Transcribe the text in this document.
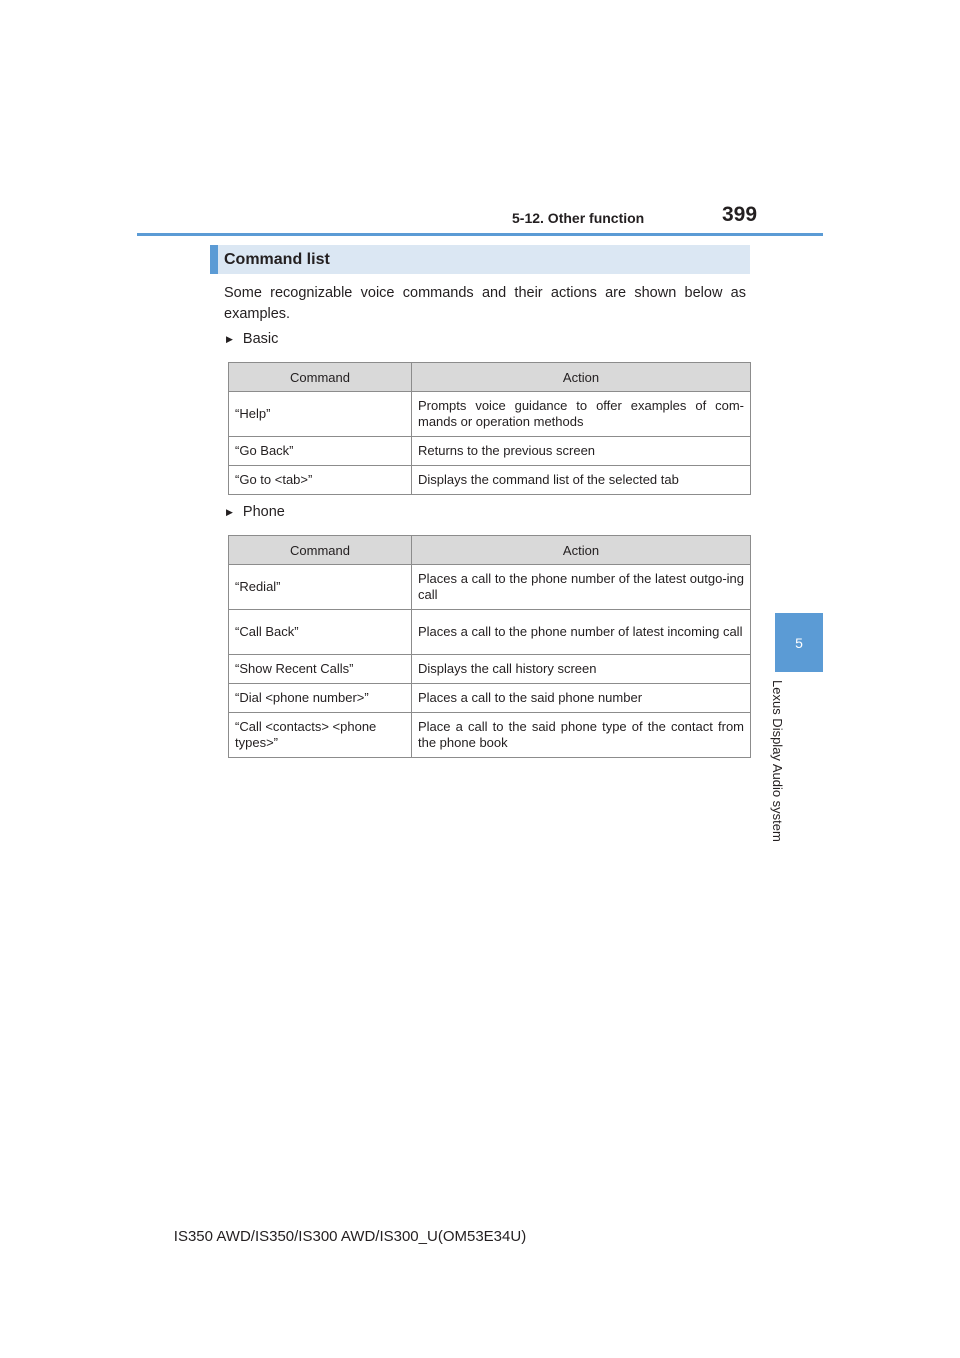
5-12. Other function	399
5
Lexus Display Audio system
Command list
Some recognizable voice commands and their actions are shown below as examples.
▶ Basic
Command	Action
“Help”	Prompts voice guidance to offer examples of com-mands or operation methods
“Go Back”	Returns to the previous screen
“Go to <tab>”	Displays the command list of the selected tab
▶ Phone
Command	Action
“Redial”	Places a call to the phone number of the latest outgo-ing call
“Call Back”	Places a call to the phone number of latest incoming call
“Show Recent Calls”	Displays the call history screen
“Dial <phone number>”	Places a call to the said phone number
“Call <contacts> <phone types>”	Place a call to the said phone type of the contact from the phone book
IS350 AWD/IS350/IS300 AWD/IS300_U(OM53E34U)
